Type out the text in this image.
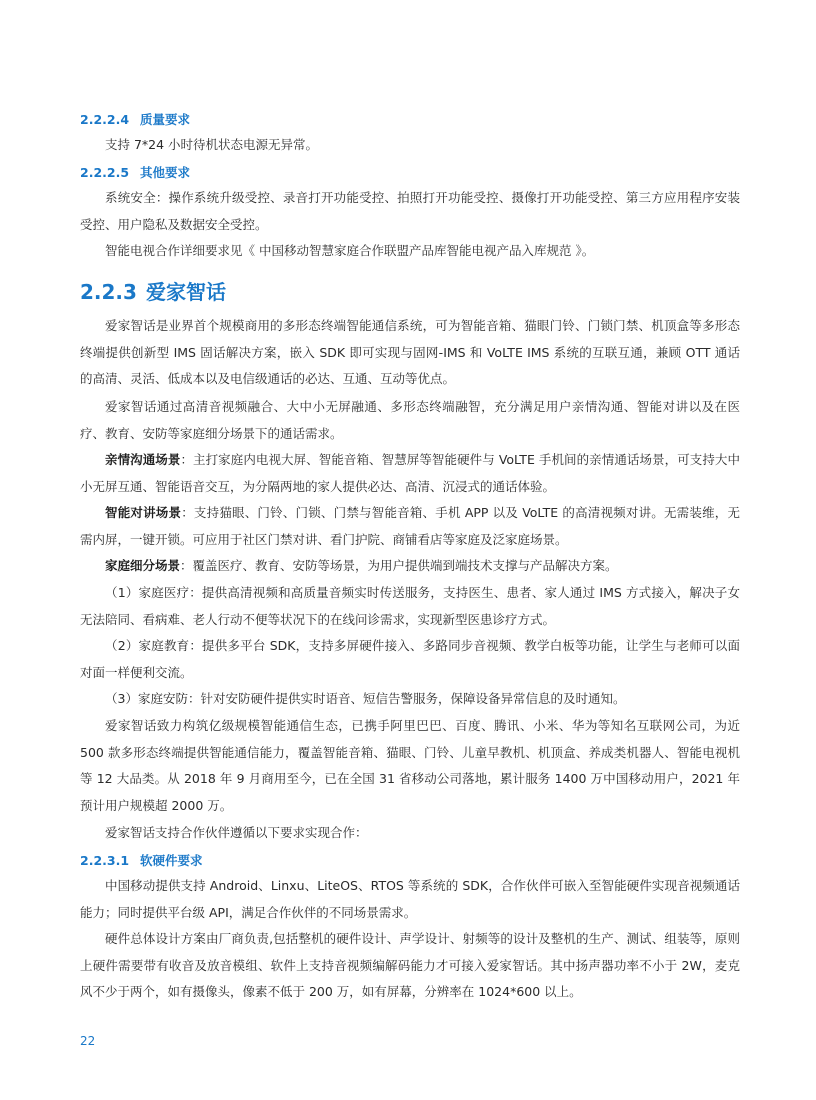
2.2.2.4 质量要求
支持 7*24 小时待机状态电源无异常。
2.2.2.5 其他要求
系统安全：操作系统升级受控、录音打开功能受控、拍照打开功能受控、摄像打开功能受控、第三方应用程序安装受控、用户隐私及数据安全受控。
智能电视合作详细要求见《 中国移动智慧家庭合作联盟产品库智能电视产品入库规范 》。
2.2.3 爱家智话
爱家智话是业界首个规模商用的多形态终端智能通信系统，可为智能音箱、猫眼门铃、门锁门禁、机顶盒等多形态终端提供创新型 IMS 固话解决方案，嵌入 SDK 即可实现与固网-IMS 和 VoLTE IMS 系统的互联互通，兼顾 OTT 通话的高清、灵活、低成本以及电信级通话的必达、互通、互动等优点。
爱家智话通过高清音视频融合、大中小无屏融通、多形态终端融智，充分满足用户亲情沟通、智能对讲以及在医疗、教育、安防等家庭细分场景下的通话需求。
亲情沟通场景：主打家庭内电视大屏、智能音箱、智慧屏等智能硬件与 VoLTE 手机间的亲情通话场景，可支持大中小无屏互通、智能语音交互，为分隔两地的家人提供必达、高清、沉浸式的通话体验。
智能对讲场景：支持猫眼、门铃、门锁、门禁与智能音箱、手机 APP 以及 VoLTE 的高清视频对讲。无需装维，无需内屏，一键开锁。可应用于社区门禁对讲、看门护院、商铺看店等家庭及泛家庭场景。
家庭细分场景：覆盖医疗、教育、安防等场景，为用户提供端到端技术支撑与产品解决方案。
（1）家庭医疗：提供高清视频和高质量音频实时传送服务，支持医生、患者、家人通过 IMS 方式接入，解决子女无法陪同、看病难、老人行动不便等状况下的在线问诊需求，实现新型医患诊疗方式。
（2）家庭教育：提供多平台 SDK，支持多屏硬件接入、多路同步音视频、教学白板等功能，让学生与老师可以面对面一样便利交流。
（3）家庭安防：针对安防硬件提供实时语音、短信告警服务，保障设备异常信息的及时通知。
爱家智话致力构筑亿级规模智能通信生态，已携手阿里巴巴、百度、腾讯、小米、华为等知名互联网公司，为近 500 款多形态终端提供智能通信能力，覆盖智能音箱、猫眼、门铃、儿童早教机、机顶盒、养成类机器人、智能电视机等 12 大品类。从 2018 年 9 月商用至今，已在全国 31 省移动公司落地，累计服务 1400 万中国移动用户，2021 年预计用户规模超 2000 万。
爱家智话支持合作伙伴遵循以下要求实现合作：
2.2.3.1 软硬件要求
中国移动提供支持 Android、Linxu、LiteOS、RTOS 等系统的 SDK，合作伙伴可嵌入至智能硬件实现音视频通话能力；同时提供平台级 API，满足合作伙伴的不同场景需求。
硬件总体设计方案由厂商负责,包括整机的硬件设计、声学设计、射频等的设计及整机的生产、测试、组装等，原则上硬件需要带有收音及放音模组、软件上支持音视频编解码能力才可接入爱家智话。其中扬声器功率不小于 2W，麦克风不少于两个，如有摄像头，像素不低于 200 万，如有屏幕，分辨率在 1024*600 以上。
22
